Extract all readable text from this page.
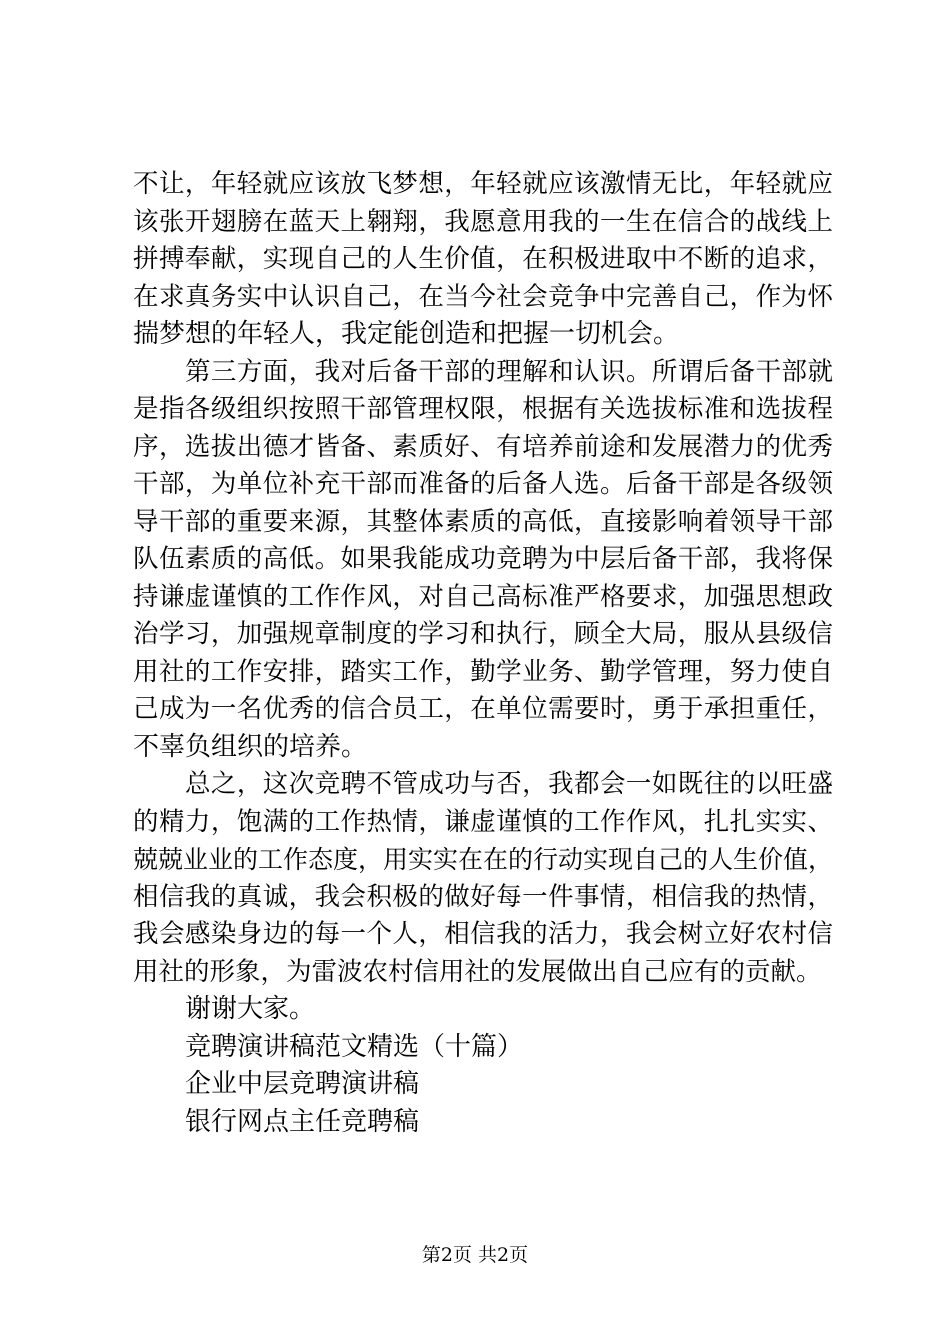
不让，年轻就应该放飞梦想，年轻就应该激情无比，年轻就应
该张开翅膀在蓝天上翱翔，我愿意用我的一生在信合的战线上
拼搏奉献，实现自己的人生价值，在积极进取中不断的追求，
在求真务实中认识自己，在当今社会竞争中完善自己，作为怀
揣梦想的年轻人，我定能创造和把握一切机会。
第三方面，我对后备干部的理解和认识。所谓后备干部就
是指各级组织按照干部管理权限，根据有关选拔标准和选拔程
序，选拔出德才皆备、素质好、有培养前途和发展潜力的优秀
干部，为单位补充干部而准备的后备人选。后备干部是各级领
导干部的重要来源，其整体素质的高低，直接影响着领导干部
队伍素质的高低。如果我能成功竞聘为中层后备干部，我将保
持谦虚谨慎的工作作风，对自己高标准严格要求，加强思想政
治学习，加强规章制度的学习和执行，顾全大局，服从县级信
用社的工作安排，踏实工作，勤学业务、勤学管理，努力使自
己成为一名优秀的信合员工，在单位需要时，勇于承担重任，
不辜负组织的培养。
总之，这次竞聘不管成功与否，我都会一如既往的以旺盛
的精力，饱满的工作热情，谦虚谨慎的工作作风，扎扎实实、
兢兢业业的工作态度，用实实在在的行动实现自己的人生价值，
相信我的真诚，我会积极的做好每一件事情，相信我的热情，
我会感染身边的每一个人，相信我的活力，我会树立好农村信
用社的形象，为雷波农村信用社的发展做出自己应有的贡献。
谢谢大家。
竞聘演讲稿范文精选（十篇）
企业中层竞聘演讲稿
银行网点主任竞聘稿
第2页 共2页
